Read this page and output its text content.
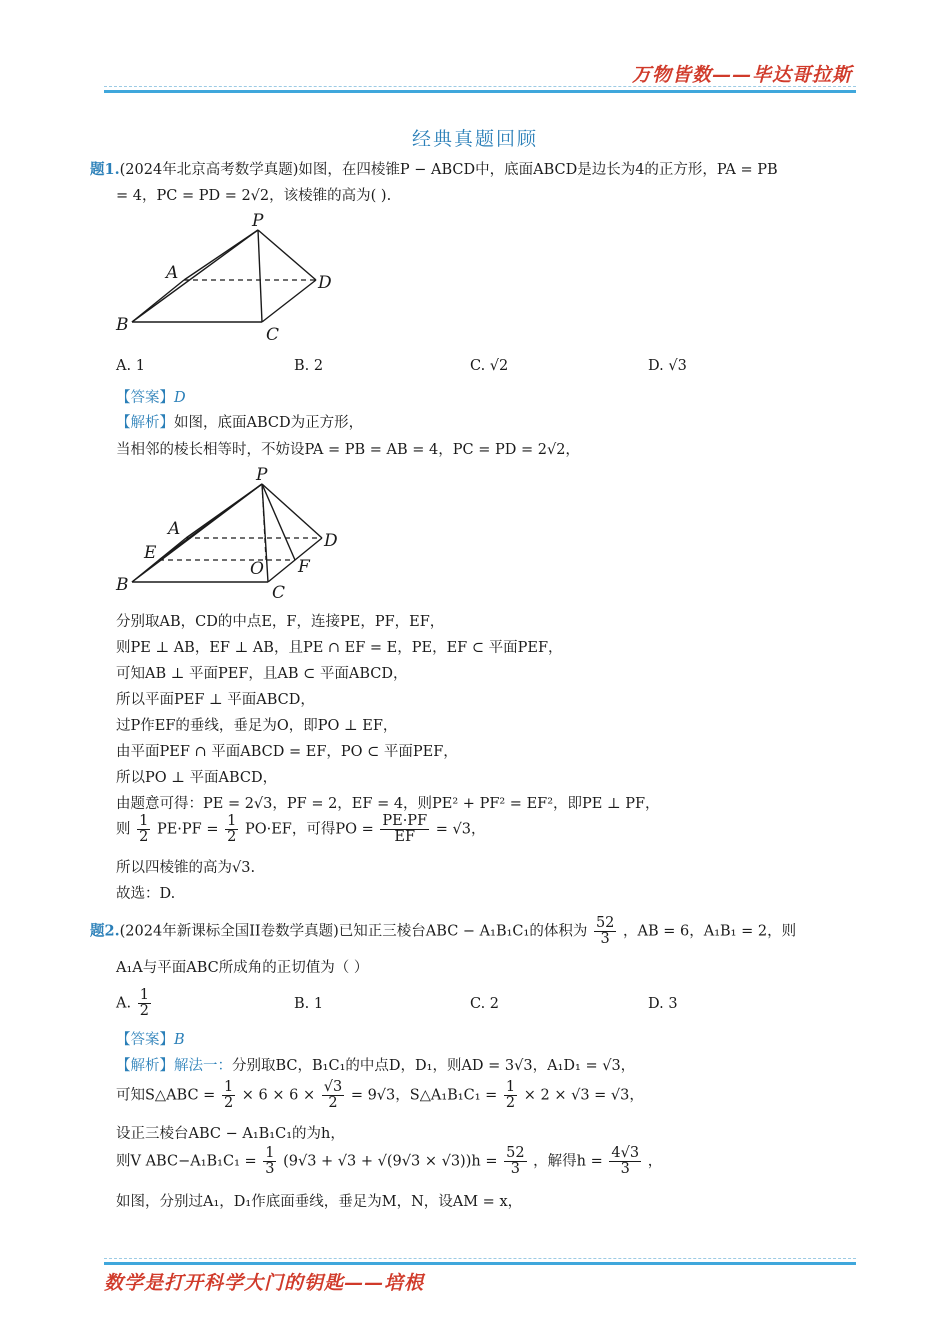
万物皆数——毕达哥拉斯
经典真题回顾
题1.(2024年北京高考数学真题)如图，在四棱锥P − ABCD中，底面ABCD是边长为4的正方形，PA = PB
= 4，PC = PD = 2√2，该棱锥的高为( ).
P
A	D
B	C
A. 1	B. 2	C. √2	D. √3
【答案】D
【解析】如图，底面ABCD为正方形，
当相邻的棱长相等时，不妨设PA = PB = AB = 4，PC = PD = 2√2，
P
A
E
D
O F
B	C
分别取AB，CD的中点E，F，连接PE，PF，EF，
则PE ⊥ AB，EF ⊥ AB，且PE ∩ EF = E，PE，EF ⊂ 平面PEF，
可知AB ⊥ 平面PEF，且AB ⊂ 平面ABCD，
所以平面PEF ⊥ 平面ABCD，
过P作EF的垂线，垂足为O，即PO ⊥ EF，
由平面PEF ∩ 平面ABCD = EF，PO ⊂ 平面PEF，
所以PO ⊥ 平面ABCD，
由题意可得：PE = 2√3，PF = 2，EF = 4，则PE² + PF² = EF²，即PE ⊥ PF，
则 $\frac{1}{2} PE\cdot PF = \frac{1}{2} PO\cdot EF$，可得PO = $\frac{PE\cdot PF}{EF} = √3$，
所以四棱锥的高为√3.
故选：D.
题2.(2024年新课标全国II卷数学真题)已知正三棱台ABC − A₁B₁C₁的体积为 $\frac{52}{3}$ ，AB = 6，A₁B₁ = 2，则
A₁A与平面ABC所成角的正切值为（ ）
A. $\frac{1}{2}$	B. 1	C. 2	D. 3
【答案】B
【解析】解法一：分别取BC，B₁C₁的中点D，D₁，则AD = 3√3，A₁D₁ = √3，
可知S△ABC = $\frac{1}{2} \times 6 \times 6 \times \frac{√3}{2} = 9√3$，S△A₁B₁C₁ = $\frac{1}{2} \times 2 \times √3 = √3$，
设正三棱台ABC − A₁B₁C₁的为h，
则V $ABC-A_1B_1C_1 = \frac{1}{3} (9√3 + √3 + √(9√3 \times √3))h = \frac{52}{3}$ ，解得$h = \frac{4√3}{3}$ ，
如图，分别过A₁，D₁作底面垂线，垂足为M，N，设AM = x，
数学是打开科学大门的钥匙——培根
